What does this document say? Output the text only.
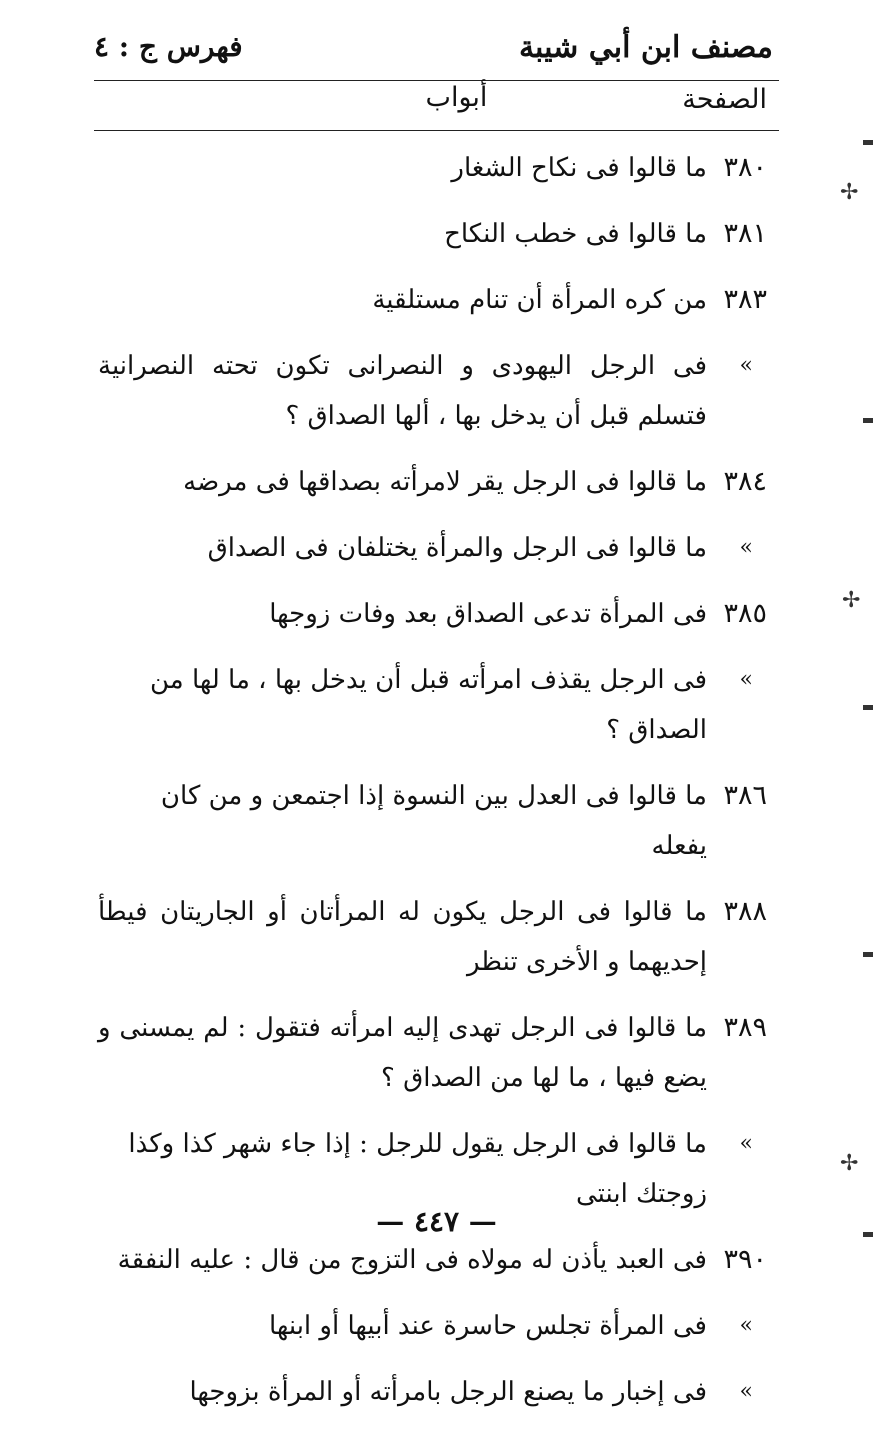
مصنف ابن أبي شيبة
فهرس ج : ٤
الصفحة
أبواب
٣٨٠
ما قالوا فى نكاح الشغار
٣٨١
ما قالوا فى خطب النكاح
٣٨٣
من كره المرأة أن تنام مستلقية
»
فى الرجل اليهودى و النصرانى تكون تحته النصرانية فتسلم قبل أن يدخل بها ، ألها الصداق ؟
٣٨٤
ما قالوا فى الرجل يقر لامرأته بصداقها فى مرضه
»
ما قالوا فى الرجل والمرأة يختلفان فى الصداق
٣٨٥
فى المرأة تدعى الصداق بعد وفات زوجها
»
فى الرجل يقذف امرأته قبل أن يدخل بها ، ما لها من الصداق ؟
٣٨٦
ما قالوا فى العدل بين النسوة إذا اجتمعن و من كان يفعله
٣٨٨
ما قالوا فى الرجل يكون له المرأتان أو الجاريتان فيطأ إحديهما و الأخرى تنظر
٣٨٩
ما قالوا فى الرجل تهدى إليه امرأته فتقول : لم يمسنى و يضع فيها ، ما لها من الصداق ؟
»
ما قالوا فى الرجل يقول للرجل : إذا جاء شهر كذا وكذا زوجتك ابنتى
٣٩٠
فى العبد يأذن له مولاه فى التزوج من قال : عليه النفقة
»
فى المرأة تجلس حاسرة عند أبيها أو ابنها
»
فى إخبار ما يصنع الرجل بامرأته أو المرأة بزوجها
— ٤٤٧ —
✢
✢
✢
